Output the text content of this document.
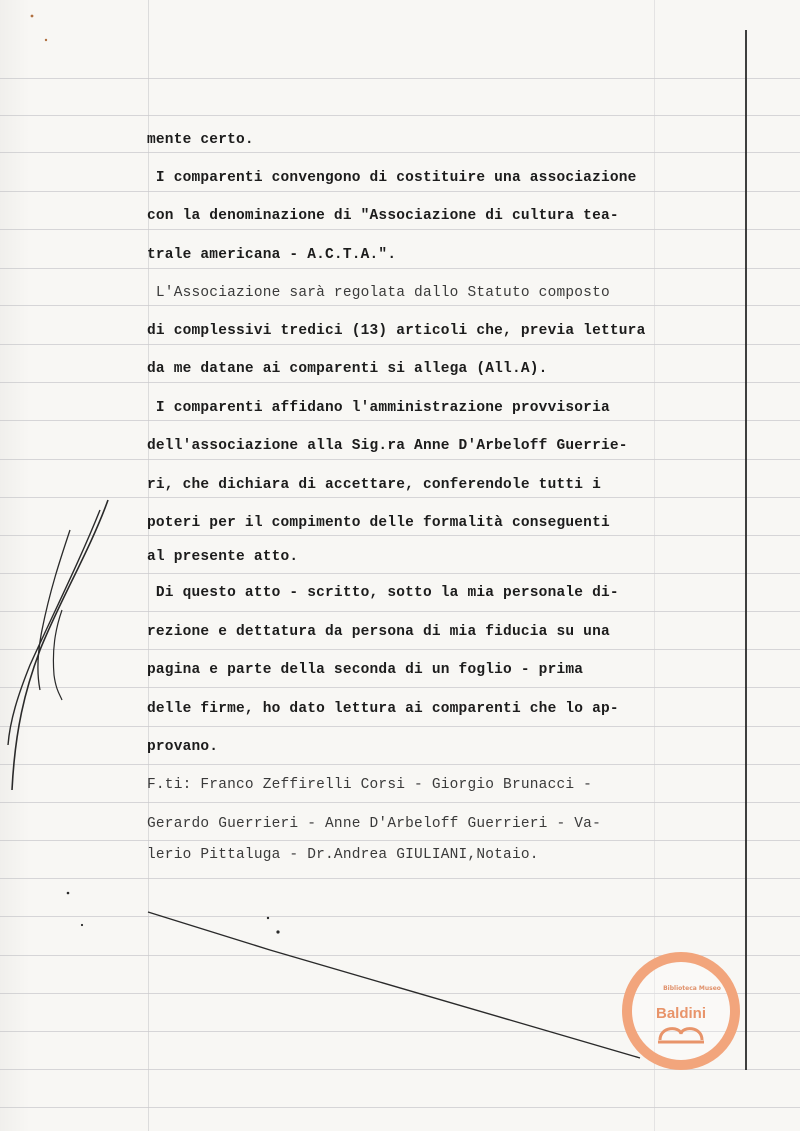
mente certo.
I comparenti convengono di costituire una associazione
con la denominazione di "Associazione di cultura tea-
trale americana - A.C.T.A.".
L'Associazione sarà regolata dallo Statuto composto
di complessivi tredici (13) articoli che, previa lettura
da me datane ai comparenti si allega (All.A).
I comparenti affidano l'amministrazione provvisoria
dell'associazione alla Sig.ra Anne D'Arbeloff Guerrie-
ri, che dichiara di accettare, conferendole tutti i
poteri per il compimento delle formalità conseguenti
al presente atto.
Di questo atto - scritto, sotto la mia personale di-
rezione e dettatura da persona di mia fiducia su una
pagina e parte della seconda di un foglio - prima
delle firme, ho dato lettura ai comparenti che lo ap-
provano.
F.ti: Franco Zeffirelli Corsi - Giorgio Brunacci -
Gerardo Guerrieri - Anne D'Arbeloff Guerrieri - Va-
lerio Pittaluga - Dr.Andrea GIULIANI,Notaio.
Biblioteca Museo
Baldini
